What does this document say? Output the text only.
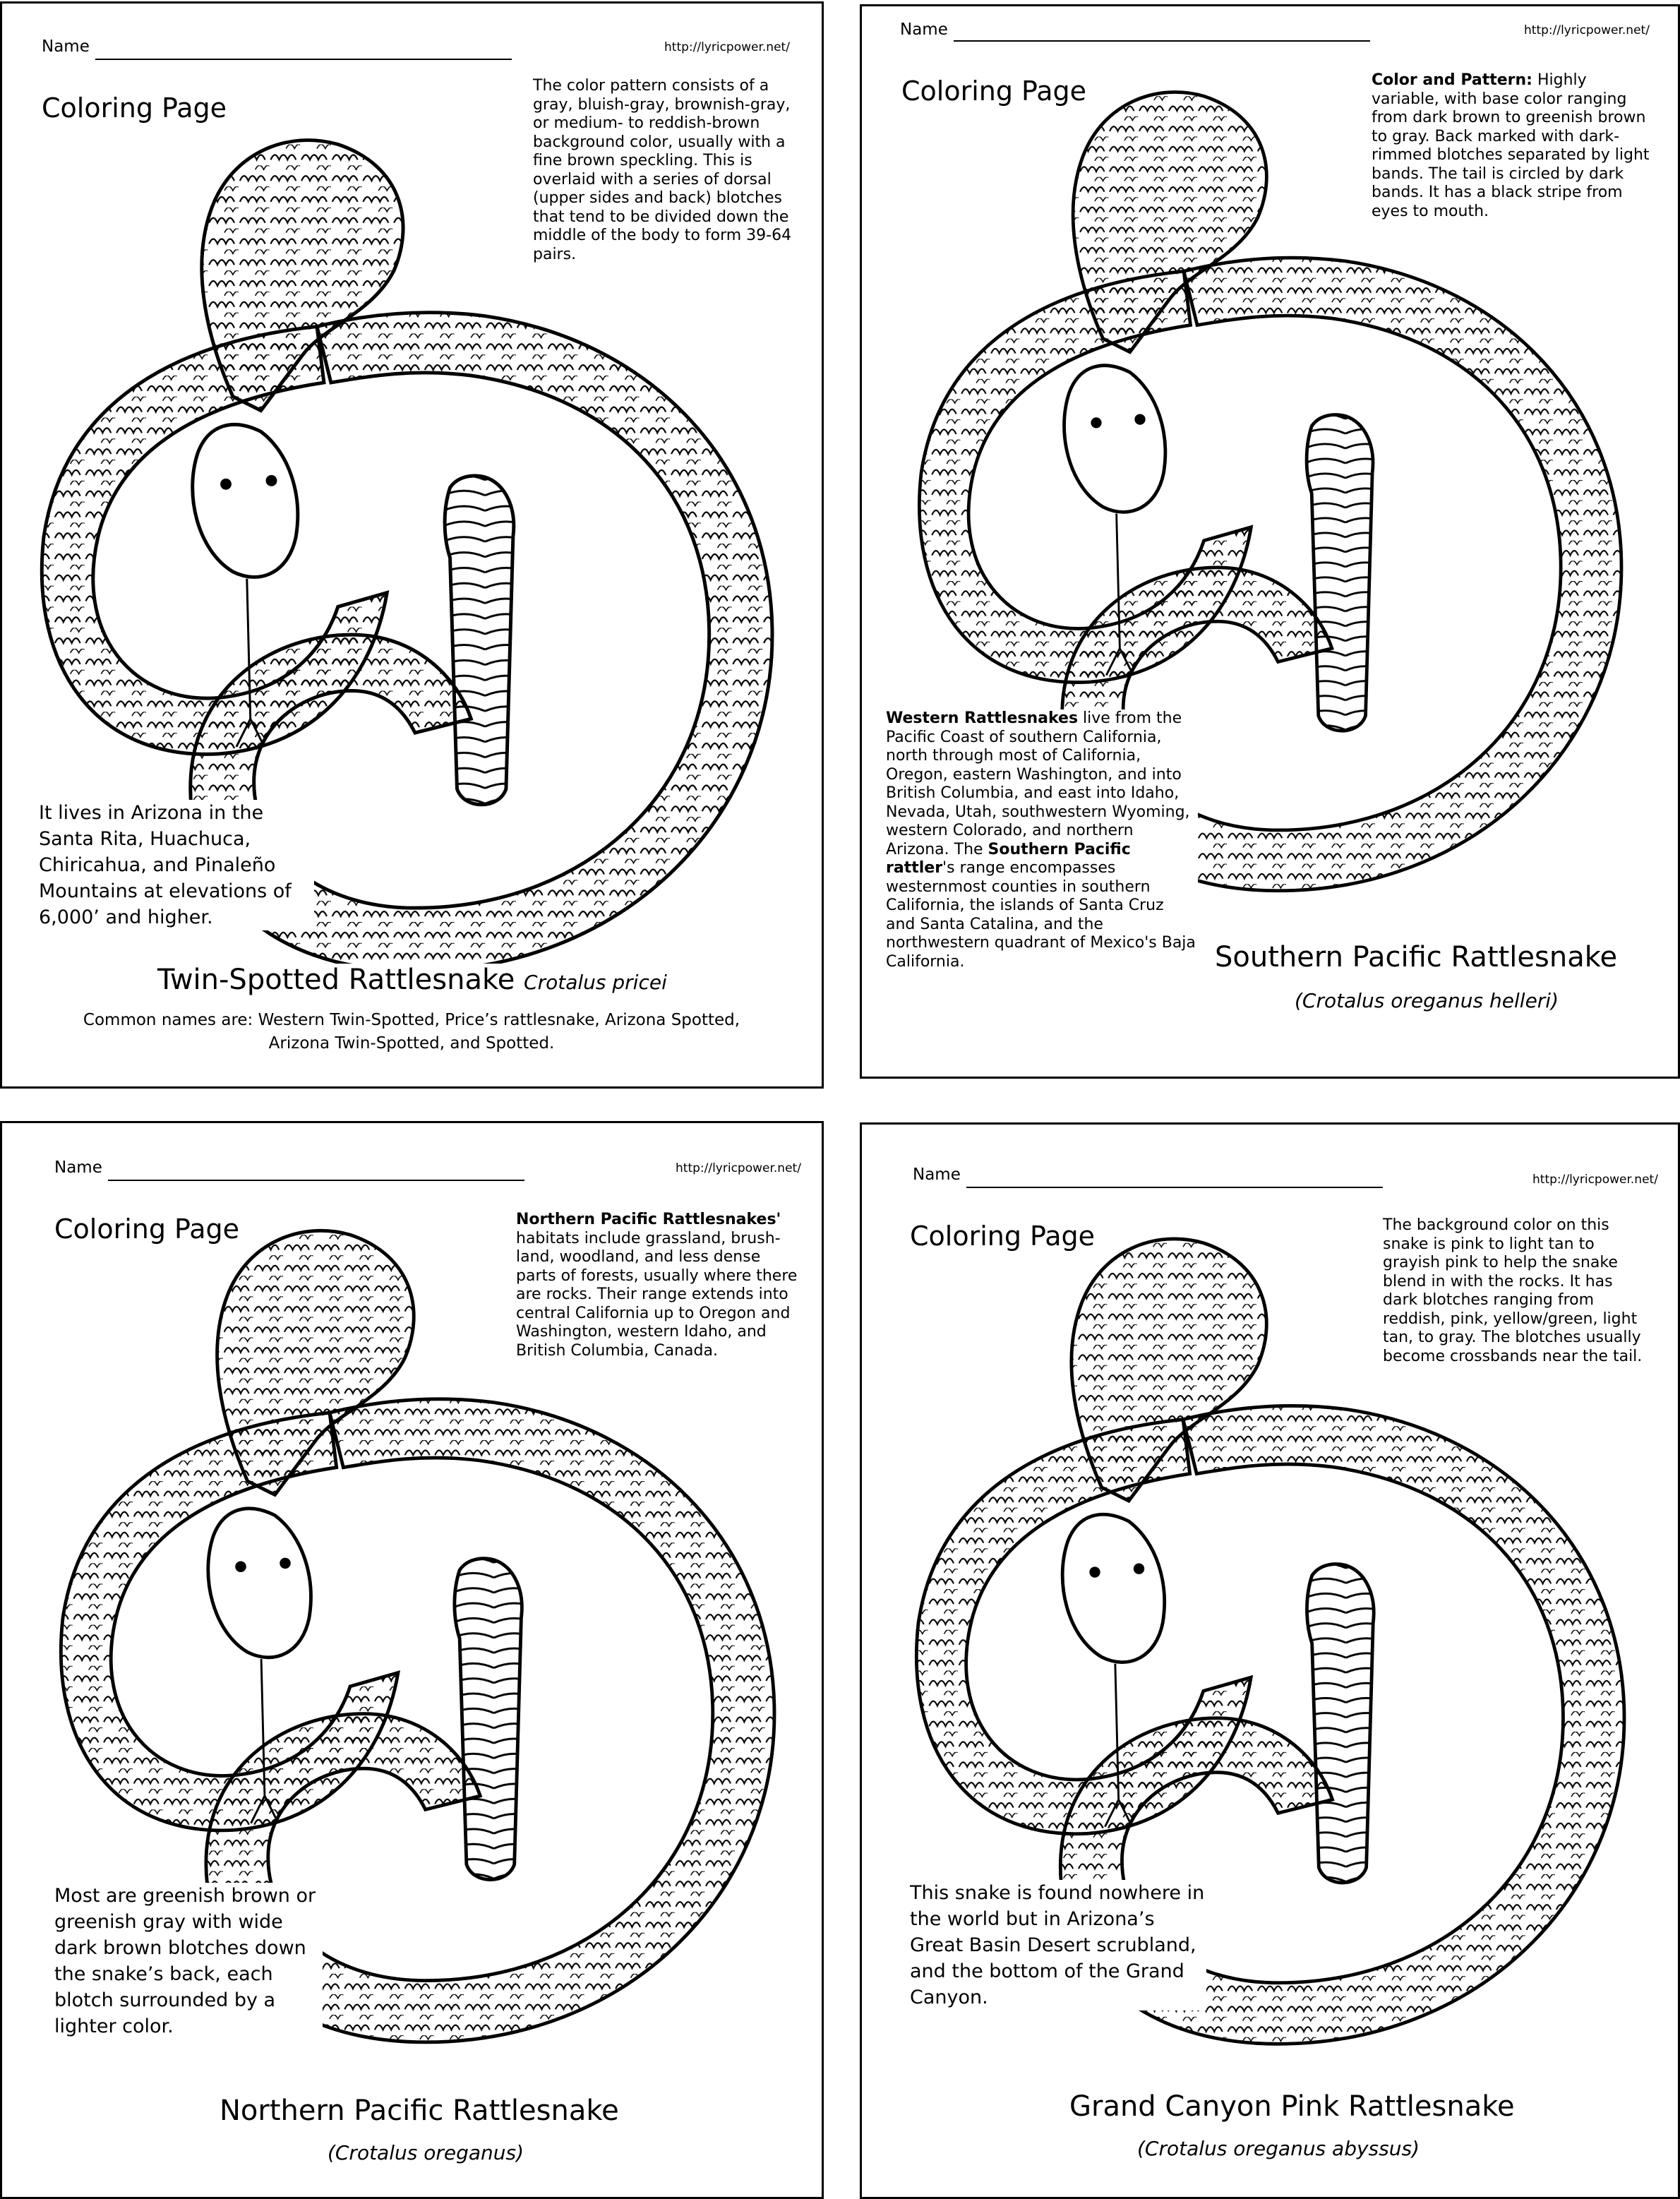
Name	http://lyricpower.net/
Coloring Page
The color pattern consists of a gray, bluish-gray, brownish-gray, or medium- to reddish-brown background color, usually with a fine brown speckling. This is overlaid with a series of dorsal (upper sides and back) blotches that tend to be divided down the middle of the body to form 39-64 pairs.
It lives in Arizona in the Santa Rita, Huachuca, Chiricahua, and Pinaleño Mountains at elevations of 6,000’ and higher.
Twin-Spotted Rattlesnake Crotalus pricei
Common names are: Western Twin-Spotted, Price’s rattlesnake, Arizona Spotted, Arizona Twin-Spotted, and Spotted.
Name	http://lyricpower.net/
Coloring Page	Color and Pattern: Highly variable, with base color ranging from dark brown to greenish brown to gray. Back marked with dark-rimmed blotches separated by light bands. The tail is circled by dark bands. It has a black stripe from eyes to mouth.
Western Rattlesnakes live from the Pacific Coast of southern California, north through most of California, Oregon, eastern Washington, and into British Columbia, and east into Idaho, Nevada, Utah, southwestern Wyoming, western Colorado, and northern Arizona. The Southern Pacific rattler's range encompasses westernmost counties in southern California, the islands of Santa Cruz and Santa Catalina, and the northwestern quadrant of Mexico's Baja California.	Southern Pacific Rattlesnake
(Crotalus oreganus helleri)
Name	http://lyricpower.net/
Coloring Page	Northern Pacific Rattlesnakes' habitats include grassland, brush-land, woodland, and less dense parts of forests, usually where there are rocks. Their range extends into central California up to Oregon and Washington, western Idaho, and British Columbia, Canada.
Most are greenish brown or greenish gray with wide dark brown blotches down the snake’s back, each blotch surrounded by a lighter color.
Northern Pacific Rattlesnake
(Crotalus oreganus)
Name	http://lyricpower.net/
Coloring Page	The background color on this snake is pink to light tan to grayish pink to help the snake blend in with the rocks. It has dark blotches ranging from reddish, pink, yellow/green, light tan, to gray. The blotches usually become crossbands near the tail.
This snake is found nowhere in the world but in Arizona’s Great Basin Desert scrubland, and the bottom of the Grand Canyon.
Grand Canyon Pink Rattlesnake
(Crotalus oreganus abyssus)
